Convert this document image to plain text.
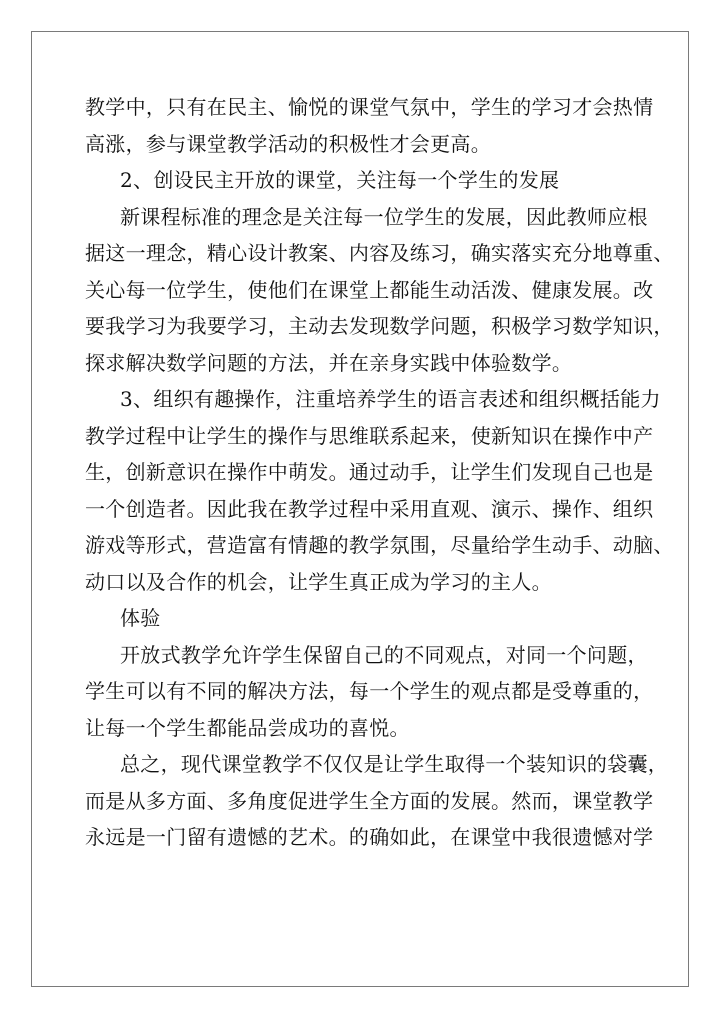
教学中，只有在民主、愉悦的课堂气氛中，学生的学习才会热情
高涨，参与课堂教学活动的积极性才会更高。
2、创设民主开放的课堂，关注每一个学生的发展
新课程标准的理念是关注每一位学生的发展，因此教师应根
据这一理念，精心设计教案、内容及练习，确实落实充分地尊重、
关心每一位学生，使他们在课堂上都能生动活泼、健康发展。改
要我学习为我要学习，主动去发现数学问题，积极学习数学知识，
探求解决数学问题的方法，并在亲身实践中体验数学。
3、组织有趣操作，注重培养学生的语言表述和组织概括能力
教学过程中让学生的操作与思维联系起来，使新知识在操作中产
生，创新意识在操作中萌发。通过动手，让学生们发现自己也是
一个创造者。因此我在教学过程中采用直观、演示、操作、组织
游戏等形式，营造富有情趣的教学氛围，尽量给学生动手、动脑、
动口以及合作的机会，让学生真正成为学习的主人。
体验
开放式教学允许学生保留自己的不同观点，对同一个问题，
学生可以有不同的解决方法，每一个学生的观点都是受尊重的，
让每一个学生都能品尝成功的喜悦。
总之，现代课堂教学不仅仅是让学生取得一个装知识的袋囊，
而是从多方面、多角度促进学生全方面的发展。然而，课堂教学
永远是一门留有遗憾的艺术。的确如此，在课堂中我很遗憾对学
